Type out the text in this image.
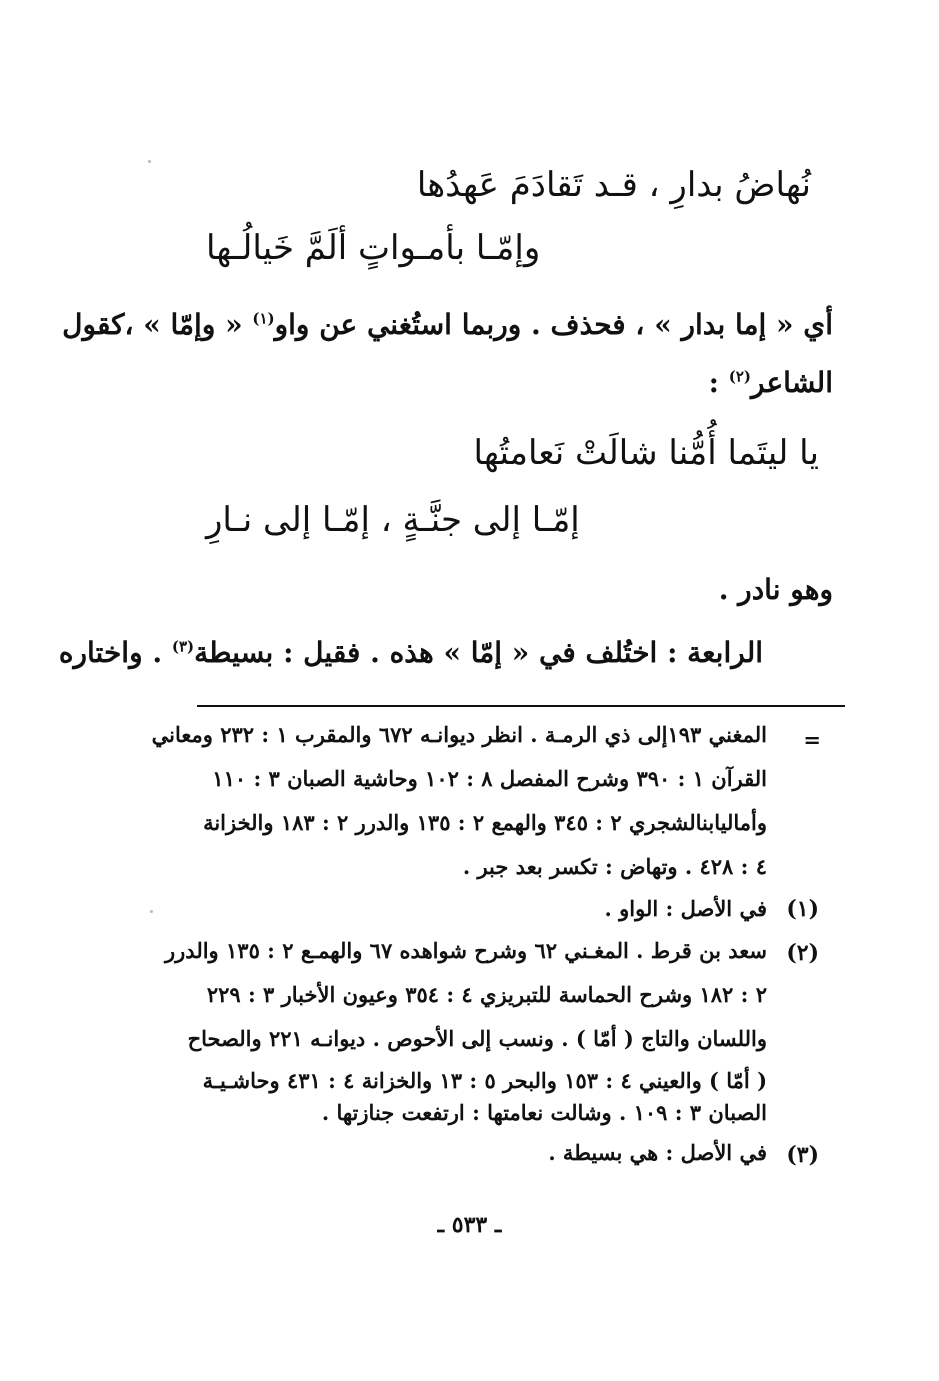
نُهاضُ بدارِ ، قـد تَقادَمَ عَهدُها
وإمّـا بأمـواتٍ ألَمَّ خَيالُـها
أي « إما بدار » ، فحذف . وربما استُغني عن واو$^{(١)}$ « وإمّا » ،كقول
الشاعر$^{(٢)}$ :
يا ليتَما أُمُّنا شالَتْ نَعامتُها
إمّـا إلى جنَّـةٍ ، إمّـا إلى نـارِ
وهو نادر .
الرابعة : اختُلف في « إمّا » هذه . فقيل : بسيطة$^{(٣)}$ . واختاره
=
المغني ١٩٣إلى ذي الرمـة . انظر ديوانـه ٦٧٢ والمقرب ١ : ٢٣٢ ومعاني
القرآن ١ : ٣٩٠ وشرح المفصل ٨ : ١٠٢ وحاشية الصبان ٣ : ١١٠
وأماليابنالشجري ٢ : ٣٤٥ والهمع ٢ : ١٣٥ والدرر ٢ : ١٨٣ والخزانة
٤ : ٤٢٨ . وتهاض : تكسر بعد جبر .
(١)
في الأصل : الواو .
(٢)
سعد بن قرط . المغـني ٦٢ وشرح شواهده ٦٧ والهمـع ٢ : ١٣٥ والدرر
٢ : ١٨٢ وشرح الحماسة للتبريزي ٤ : ٣٥٤ وعيون الأخبار ٣ : ٢٢٩
واللسان والتاج ( أمّا ) . ونسب إلى الأحوص . ديوانـه ٢٢١ والصحاح
( أمّا ) والعيني ٤ : ١٥٣ والبحر ٥ : ١٣ والخزانة ٤ : ٤٣١ وحاشـيـة
الصبان ٣ : ١٠٩ . وشالت نعامتها : ارتفعت جنازتها .
(٣)
في الأصل : هي بسيطة .
ـ ٥٣٣ ـ
